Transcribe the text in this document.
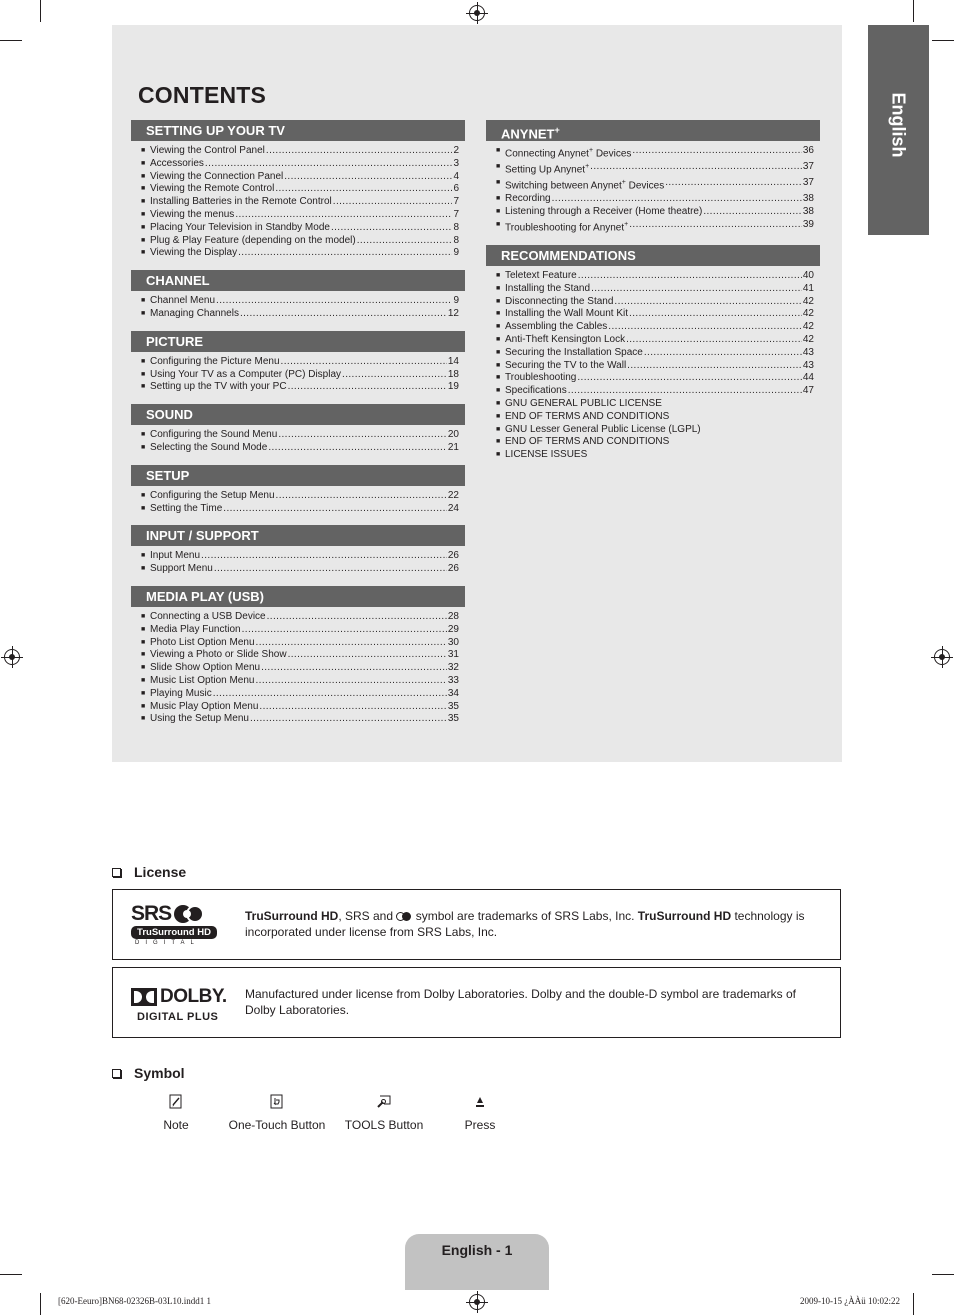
CONTENTS
SETTING UP YOUR TV
■ Viewing the Control Panel .....	2
■ Accessories .....	3
■ Viewing the Connection Panel .....	4
■ Viewing the Remote Control .....	6
■ Installing Batteries in the Remote Control .....	7
■ Viewing the menus .....	7
■ Placing Your Television in Standby Mode .....	8
■ Plug & Play Feature (depending on the model) .....	8
■ Viewing the Display .....	9
CHANNEL
■ Channel Menu .....	9
■ Managing Channels .....	12
PICTURE
■ Configuring the Picture Menu .....	14
■ Using Your TV as a Computer (PC) Display .....	18
■ Setting up the TV with your PC .....	19
SOUND
■ Configuring the Sound Menu .....	20
■ Selecting the Sound Mode .....	21
SETUP
■ Configuring the Setup Menu .....	22
■ Setting the Time .....	24
INPUT / SUPPORT
■ Input Menu .....	26
■ Support Menu .....	26
MEDIA PLAY (USB)
■ Connecting a USB Device .....	28
■ Media Play Function .....	29
■ Photo List Option Menu .....	30
■ Viewing a Photo or Slide Show .....	31
■ Slide Show Option Menu .....	32
■ Music List Option Menu .....	33
■ Playing Music .....	34
■ Music Play Option Menu .....	35
■ Using the Setup Menu .....	35
ANYNET+
■ Connecting Anynet+ Devices .....	36
■ Setting Up Anynet+ .....	37
■ Switching between Anynet+ Devices .....	37
■ Recording .....	38
■ Listening through a Receiver (Home theatre) .....	38
■ Troubleshooting for Anynet+ .....	39
RECOMMENDATIONS
■ Teletext Feature .....	40
■ Installing the Stand .....	41
■ Disconnecting the Stand .....	42
■ Installing the Wall Mount Kit .....	42
■ Assembling the Cables .....	42
■ Anti-Theft Kensington Lock .....	42
■ Securing the Installation Space .....	43
■ Securing the TV to the Wall .....	43
■ Troubleshooting .....	44
■ Specifications .....	47
■ GNU GENERAL PUBLIC LICENSE
■ END OF TERMS AND CONDITIONS
■ GNU Lesser General Public License (LGPL)
■ END OF TERMS AND CONDITIONS
■ LICENSE ISSUES
English
License
SRS
TruSurround HD
DIGITAL
TruSurround HD, SRS and
symbol are trademarks of SRS Labs, Inc. TruSurround HD technology is incorporated under license from SRS Labs, Inc.
DOLBY.
DIGITAL PLUS
Manufactured under license from Dolby Laboratories. Dolby and the double-D symbol are trademarks of Dolby Laboratories.
Symbol
Note	One-Touch Button	TOOLS Button	Press
English - 1
[620-Eeuro]BN68-02326B-03L10.indd1 1	2009-10-15 ¿ÀÀü 10:02:22
